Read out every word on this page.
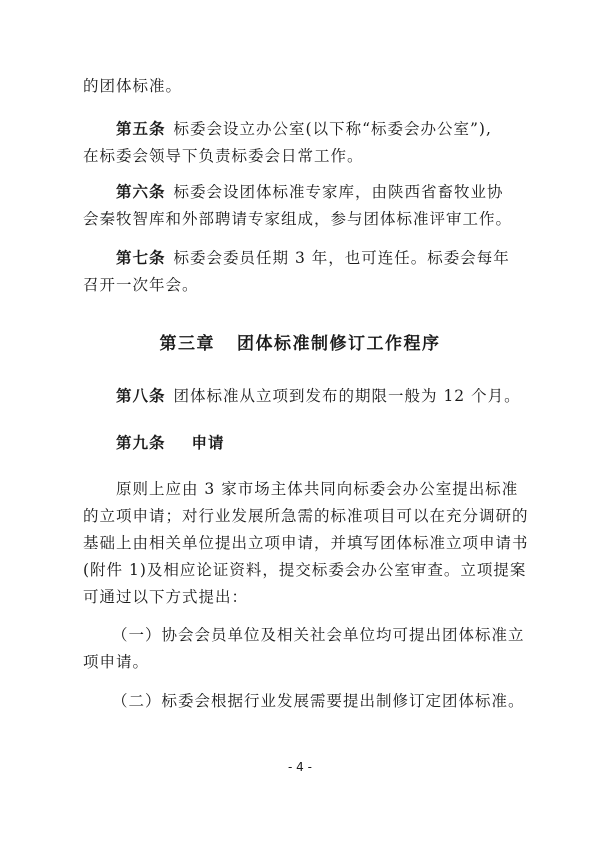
的团体标准。

第五条 标委会设立办公室(以下称“标委会办公室”),

在标委会领导下负责标委会日常工作。

第六条 标委会设团体标准专家库，由陕西省畜牧业协

会秦牧智库和外部聘请专家组成，参与团体标准评审工作。

第七条 标委会委员任期 3 年，也可连任。标委会每年

召开一次年会。

第三章 团体标准制修订工作程序

第八条 团体标准从立项到发布的期限一般为 12 个月。

第九条 申请

原则上应由 3 家市场主体共同向标委会办公室提出标准

的立项申请；对行业发展所急需的标准项目可以在充分调研的

基础上由相关单位提出立项申请，并填写团体标准立项申请书

(附件 1)及相应论证资料，提交标委会办公室审查。立项提案

可通过以下方式提出：

（一）协会会员单位及相关社会单位均可提出团体标准立

项申请。

（二）标委会根据行业发展需要提出制修订定团体标准。

- 4 -
